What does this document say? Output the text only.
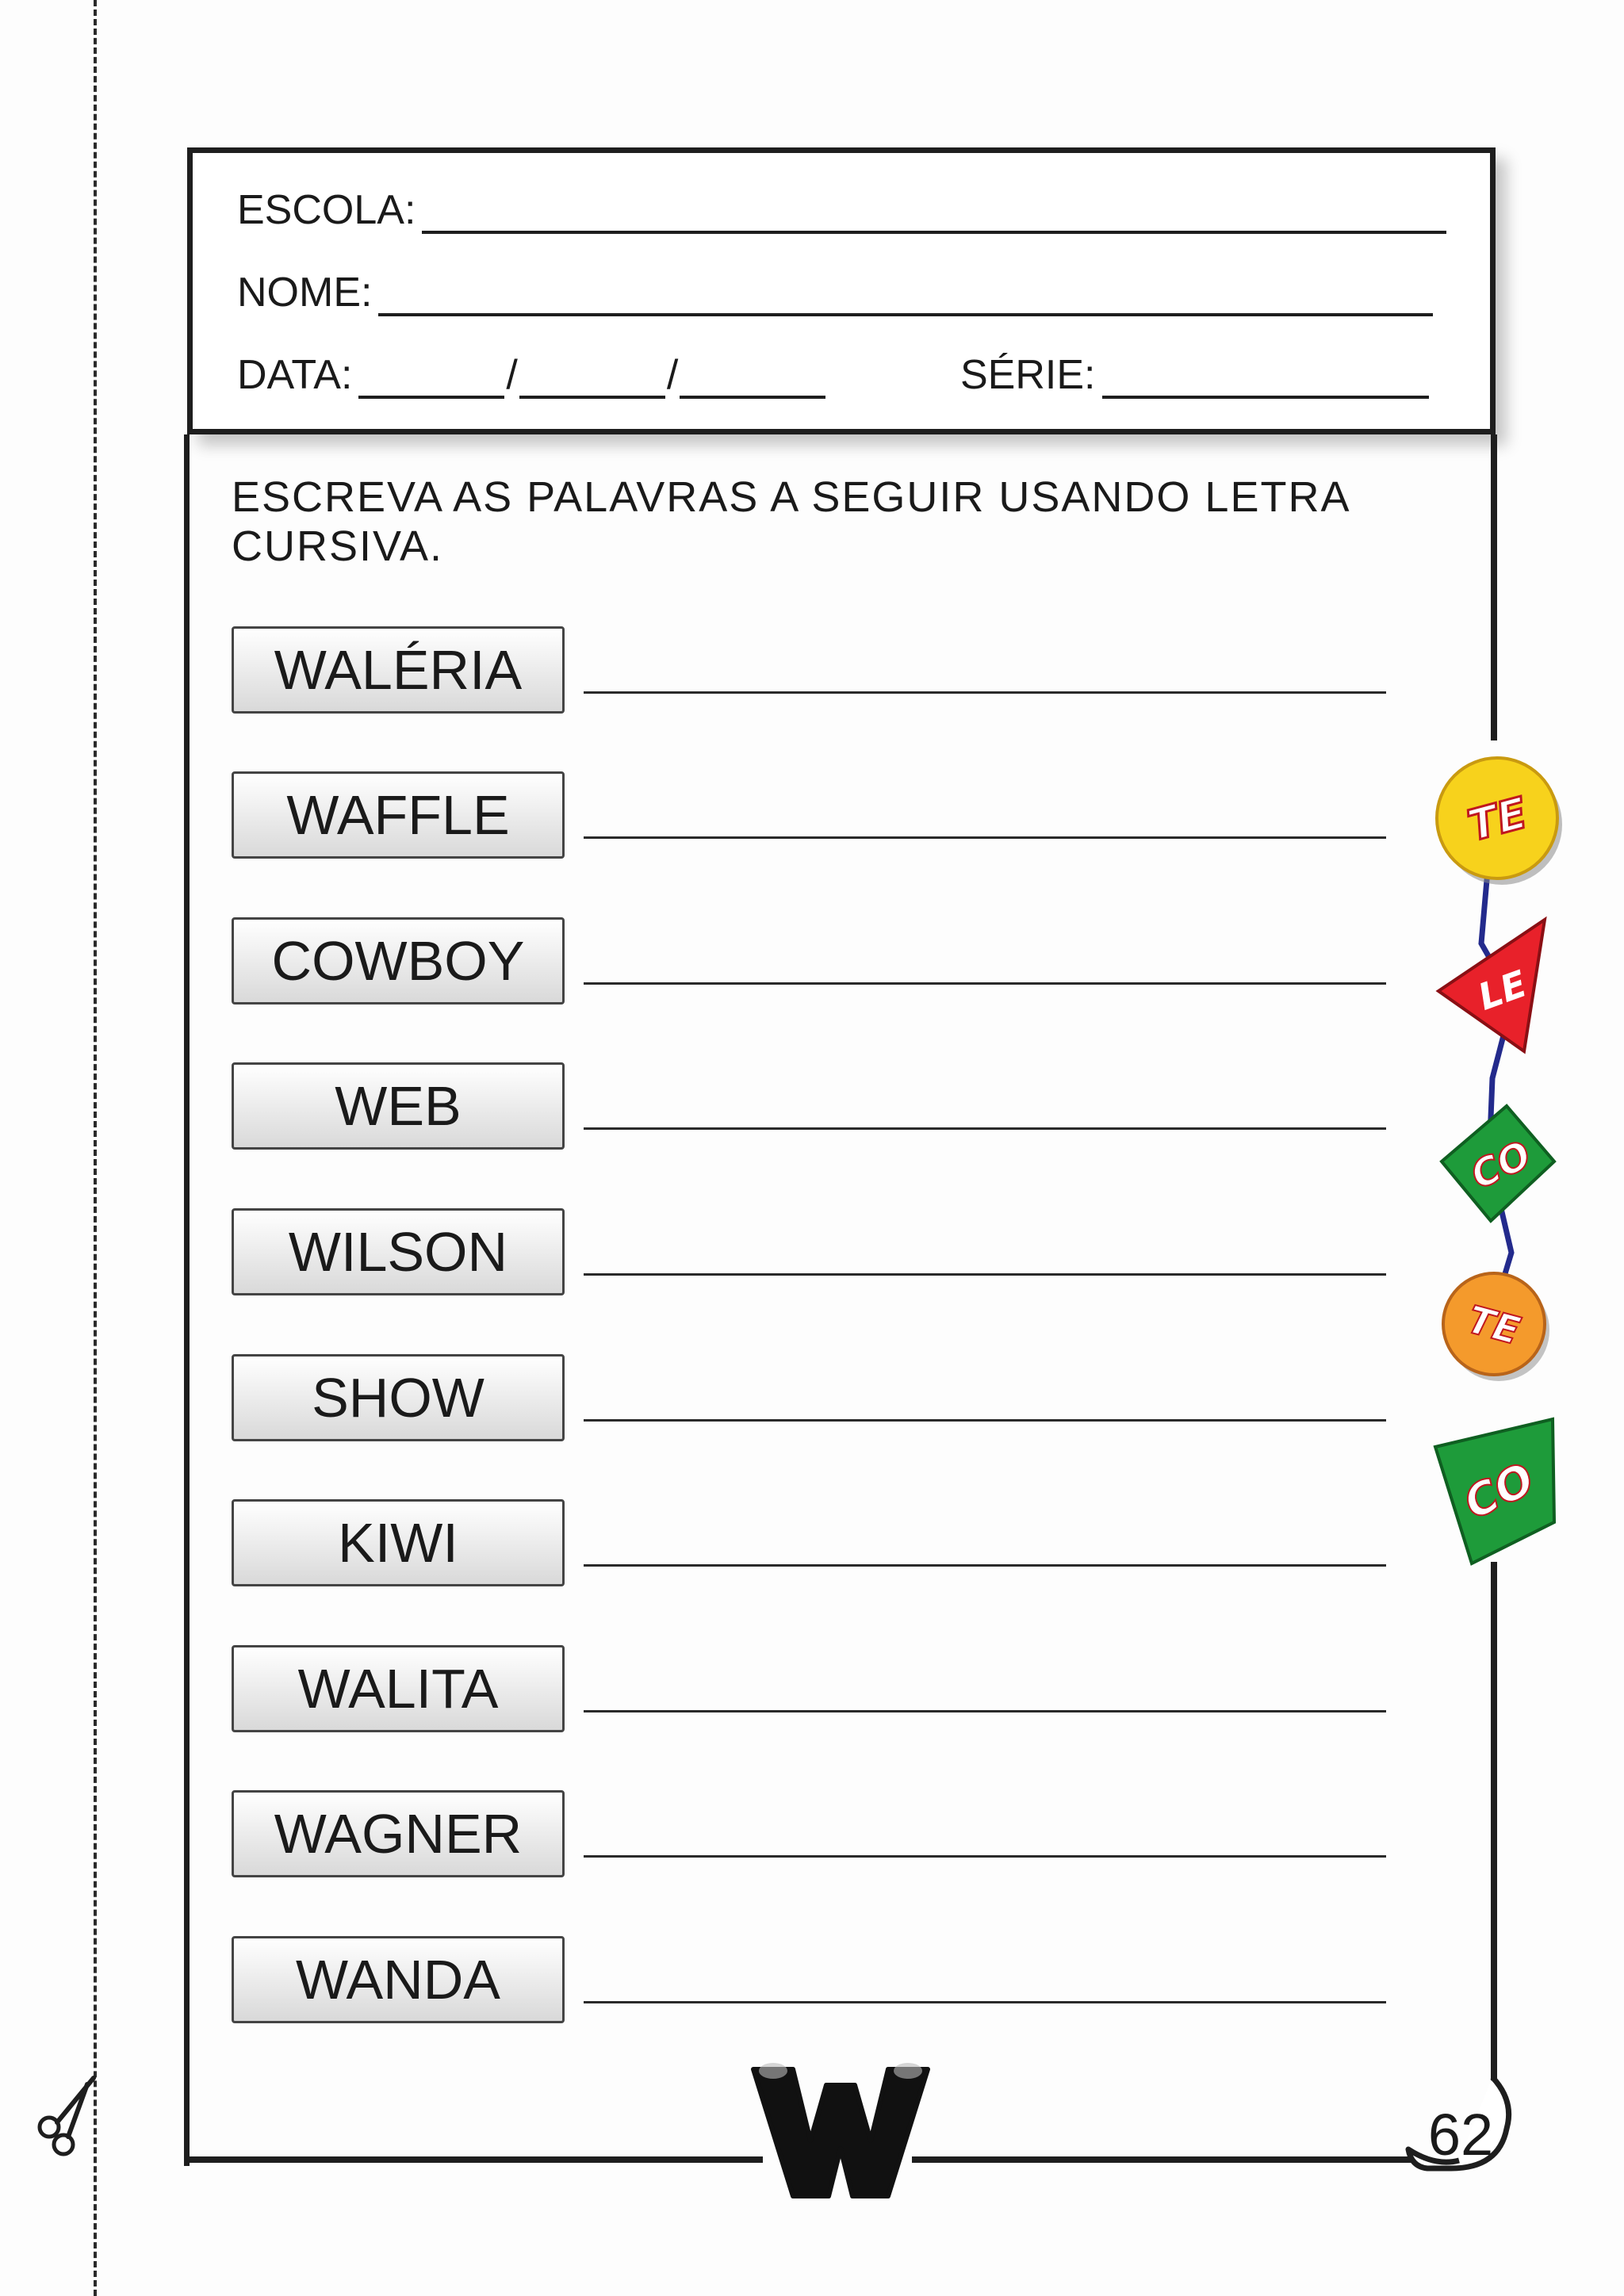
ESCOLA:
NOME:
DATA:	/	/	SÉRIE:
ESCREVA AS PALAVRAS A SEGUIR USANDO LETRA CURSIVA.
WALÉRIA
WAFFLE
COWBOY
WEB
WILSON
SHOW
KIWI
WALITA
WAGNER
WANDA
TE
LE
CO
TE
CO
W
62
